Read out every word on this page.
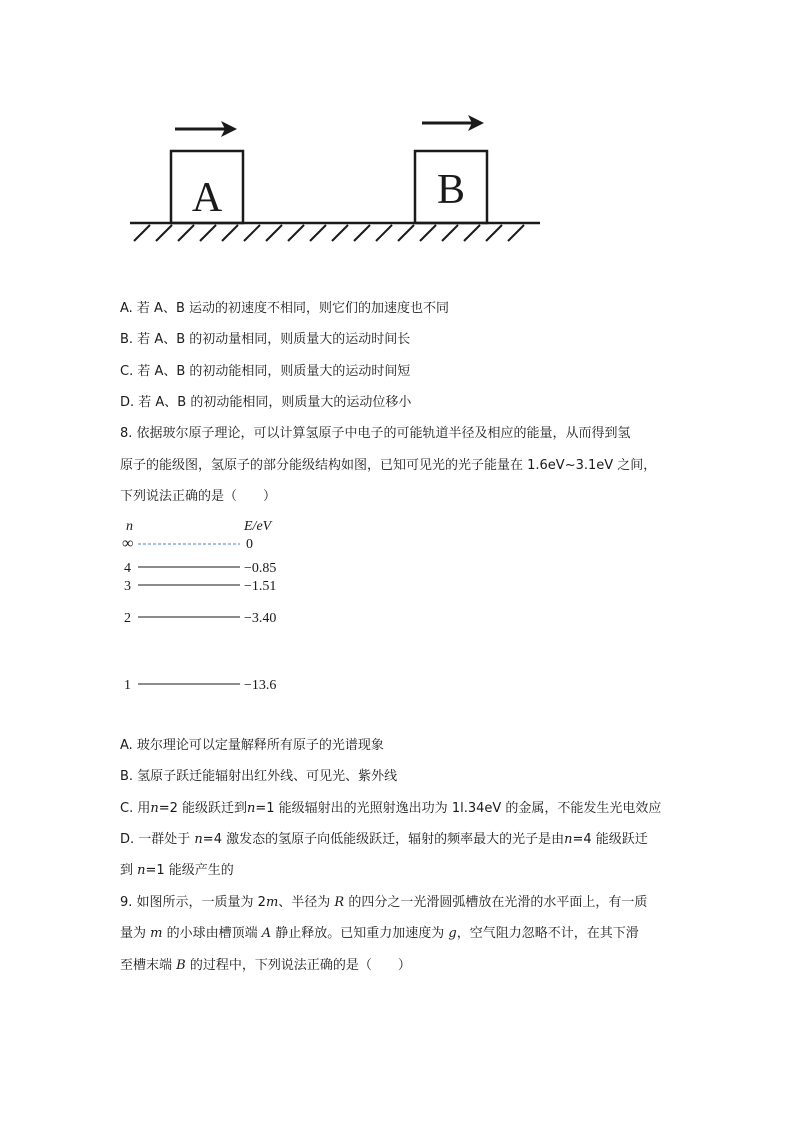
A	B
A. 若 A、B 运动的初速度不相同，则它们的加速度也不同
B. 若 A、B 的初动量相同，则质量大的运动时间长
C. 若 A、B 的初动能相同，则质量大的运动时间短
D. 若 A、B 的初动能相同，则质量大的运动位移小
8. 依据玻尔原子理论，可以计算氢原子中电子的可能轨道半径及相应的能量，从而得到氢
原子的能级图，氢原子的部分能级结构如图，已知可见光的光子能量在 1.6eV~3.1eV 之间，
下列说法正确的是（　　）
n	E/eV
∞	0
4	−0.85
3	−1.51
2	−3.40
1	−13.6
A. 玻尔理论可以定量解释所有原子的光谱现象
B. 氢原子跃迁能辐射出红外线、可见光、紫外线
C. 用n=2 能级跃迁到n=1 能级辐射出的光照射逸出功为 1l.34eV 的金属，不能发生光电效应
D. 一群处于 n=4 激发态的氢原子向低能级跃迁，辐射的频率最大的光子是由n=4 能级跃迁
到 n=1 能级产生的
9. 如图所示，一质量为 2m、半径为 R 的四分之一光滑圆弧槽放在光滑的水平面上，有一质
量为 m 的小球由槽顶端 A 静止释放。已知重力加速度为 g，空气阻力忽略不计，在其下滑
至槽末端 B 的过程中，下列说法正确的是（　　）
